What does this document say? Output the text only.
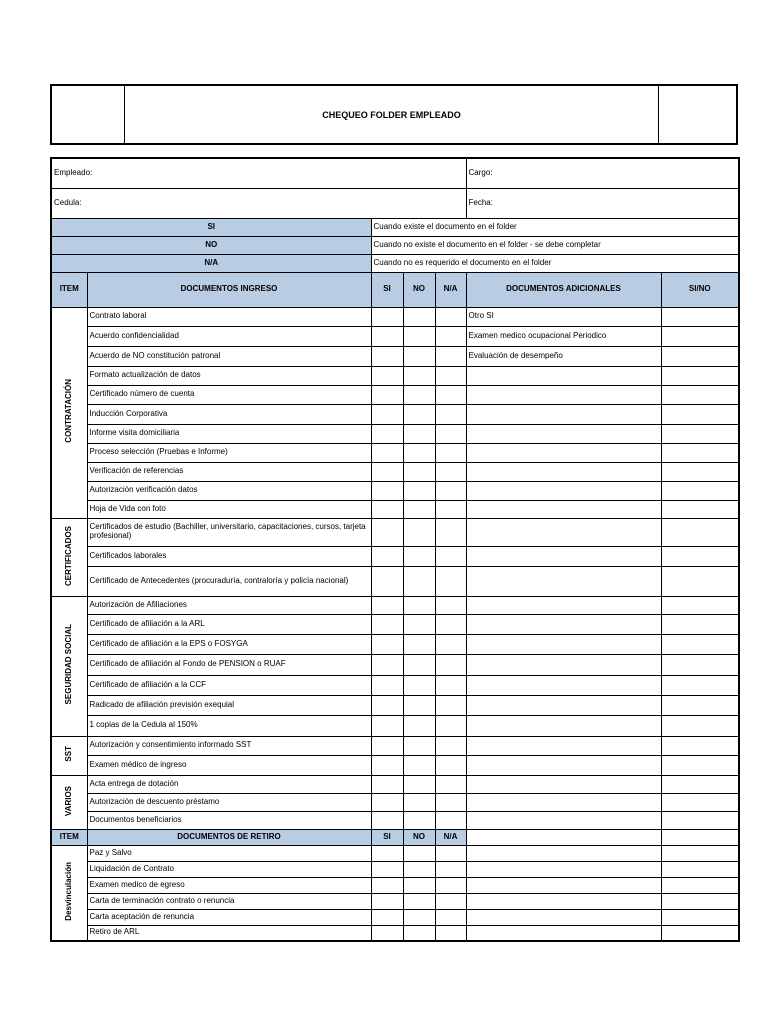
CHEQUEO FOLDER EMPLEADO
Empleado:					Cargo:	
Cedula:					Fecha:	
SI		Cuando existe el documento en el folder				
NO		Cuando no existe el documento en el folder - se debe completar				
N/A		Cuando no es requerido el documento en el folder				
ITEM	DOCUMENTOS INGRESO	SI	NO	N/A	DOCUMENTOS ADICIONALES	SI/NO
CONTRATACIÓN	Contrato laboral				Otro SI	
	Acuerdo confidencialidad				Examen medico ocupacional Periodico	
	Acuerdo de NO constitución patronal				Evaluación de desempeño	
	Formato actualización de datos					
	Certificado número de cuenta					
	Inducción Corporativa					
	Informe visita domiciliaria					
	Proceso selección (Pruebas e Informe)					
	Verificación de referencias					
	Autorización verificación datos					
	Hoja de Vida con foto					
CERTIFICADOS	Certificados de estudio (Bachiller, universitario, capacitaciones, cursos, tarjeta profesional)					
	Certificados laborales					
	Certificado de Antecedentes (procuraduría, contraloría y policía nacional)					
SEGURIDAD SOCIAL	Autorización de Afiliaciones					
	Certificado de afiliación a la ARL					
	Certificado de afiliación a la EPS o FOSYGA					
	Certificado de afiliación al Fondo de PENSION o RUAF					
	Certificado de afiliación a la CCF					
	Radicado de afiliación previsión exequial					
	1 copias de la Cedula al 150%					
SST	Autorización y consentimiento informado SST					
	Examen médico de ingreso					
VARIOS	Acta entrega de dotación					
	Autorización de descuento préstamo					
	Documentos beneficiarios					
ITEM	DOCUMENTOS DE RETIRO	SI	NO	N/A		
Desvinculación	Paz y Salvo					
	Liquidación de Contrato					
	Examen medico de egreso					
	Carta de terminación contrato o renuncia					
	Carta aceptación de renuncia					
	Retiro de ARL					
